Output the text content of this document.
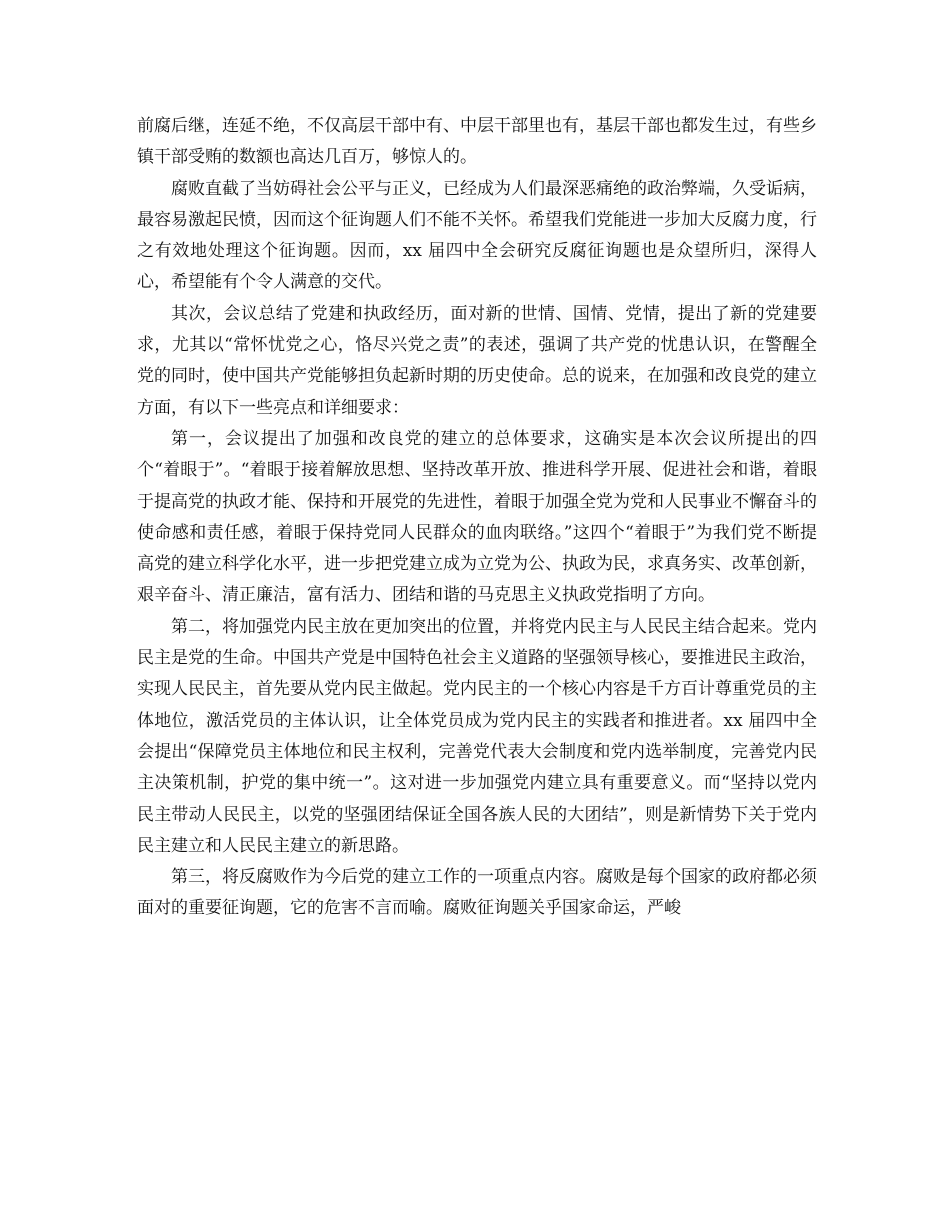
前腐后继，连延不绝，不仅高层干部中有、中层干部里也有，基层干部也都发生过，有些乡镇干部受贿的数额也高达几百万，够惊人的。

腐败直截了当妨碍社会公平与正义，已经成为人们最深恶痛绝的政治弊端，久受诟病，最容易激起民愤，因而这个征询题人们不能不关怀。希望我们党能进一步加大反腐力度，行之有效地处理这个征询题。因而，xx 届四中全会研究反腐征询题也是众望所归，深得人心，希望能有个令人满意的交代。

其次，会议总结了党建和执政经历，面对新的世情、国情、党情，提出了新的党建要求，尤其以“常怀忧党之心，恪尽兴党之责”的表述，强调了共产党的忧患认识，在警醒全党的同时，使中国共产党能够担负起新时期的历史使命。总的说来，在加强和改良党的建立方面，有以下一些亮点和详细要求：

第一，会议提出了加强和改良党的建立的总体要求，这确实是本次会议所提出的四个“着眼于”。“着眼于接着解放思想、坚持改革开放、推进科学开展、促进社会和谐，着眼于提高党的执政才能、保持和开展党的先进性，着眼于加强全党为党和人民事业不懈奋斗的使命感和责任感，着眼于保持党同人民群众的血肉联络。”这四个“着眼于”为我们党不断提高党的建立科学化水平，进一步把党建立成为立党为公、执政为民，求真务实、改革创新，艰辛奋斗、清正廉洁，富有活力、团结和谐的马克思主义执政党指明了方向。

第二，将加强党内民主放在更加突出的位置，并将党内民主与人民民主结合起来。党内民主是党的生命。中国共产党是中国特色社会主义道路的坚强领导核心，要推进民主政治，实现人民民主，首先要从党内民主做起。党内民主的一个核心内容是千方百计尊重党员的主体地位，激活党员的主体认识，让全体党员成为党内民主的实践者和推进者。xx 届四中全会提出“保障党员主体地位和民主权利，完善党代表大会制度和党内选举制度，完善党内民主决策机制，护党的集中统一”。这对进一步加强党内建立具有重要意义。而“坚持以党内民主带动人民民主，以党的坚强团结保证全国各族人民的大团结”，则是新情势下关于党内民主建立和人民民主建立的新思路。

第三，将反腐败作为今后党的建立工作的一项重点内容。腐败是每个国家的政府都必须面对的重要征询题，它的危害不言而喻。腐败征询题关乎国家命运，严峻
